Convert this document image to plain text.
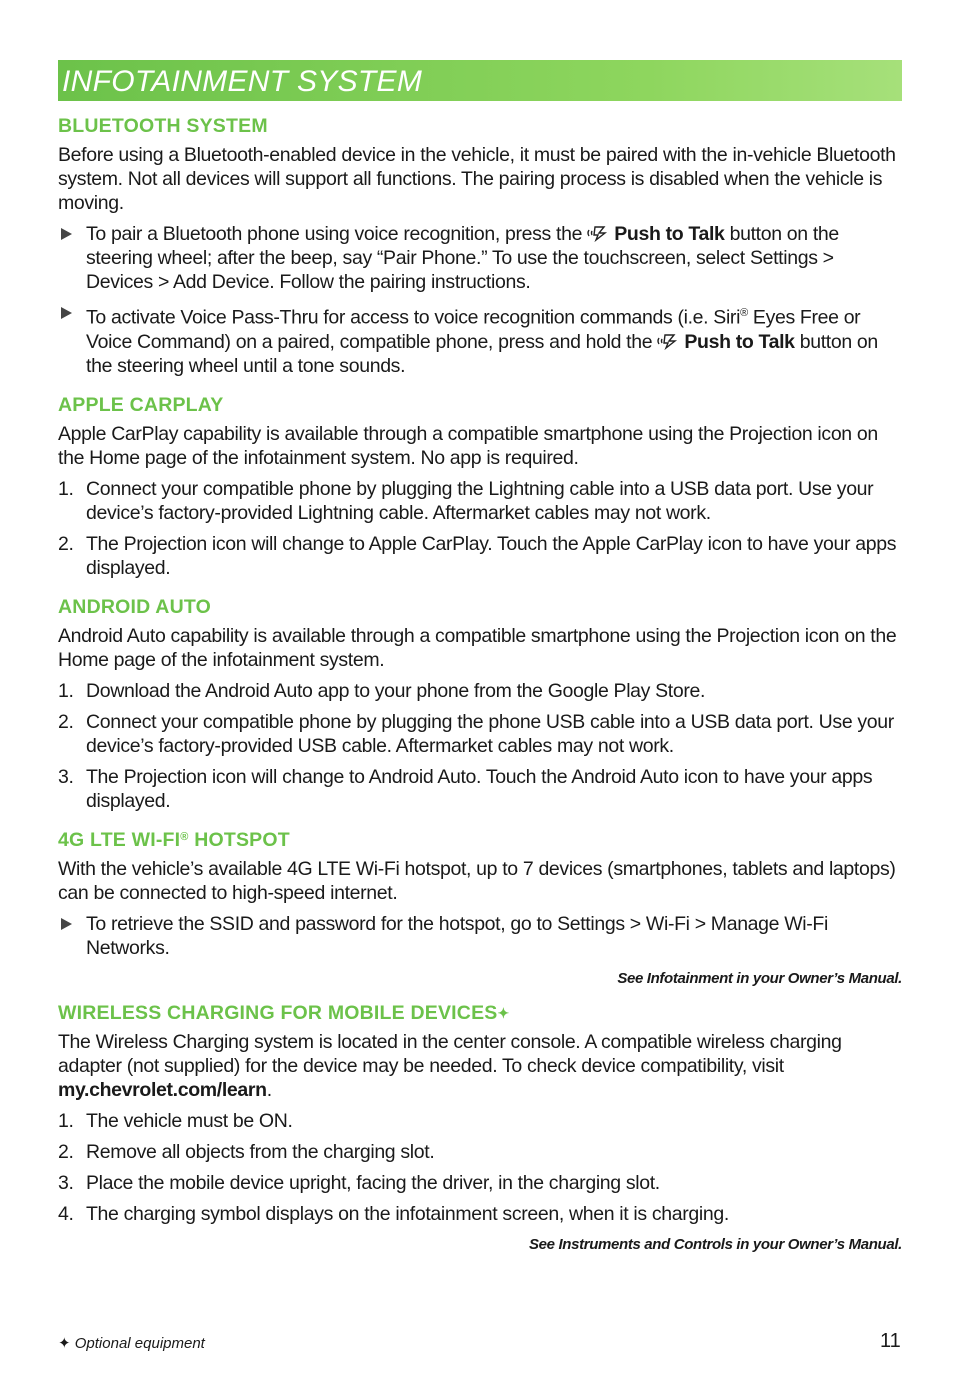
INFOTAINMENT SYSTEM
BLUETOOTH SYSTEM

Before using a Bluetooth-enabled device in the vehicle, it must be paired with the in-vehicle Bluetooth system. Not all devices will support all functions. The pairing process is disabled when the vehicle is moving.

To pair a Bluetooth phone using voice recognition, press the Push to Talk button on the steering wheel; after the beep, say “Pair Phone.” To use the touchscreen, select Settings > Devices > Add Device. Follow the pairing instructions.
To activate Voice Pass-Thru for access to voice recognition commands (i.e. Siri® Eyes Free or Voice Command) on a paired, compatible phone, press and hold the Push to Talk button on the steering wheel until a tone sounds.
APPLE CARPLAY

Apple CarPlay capability is available through a compatible smartphone using the Projection icon on the Home page of the infotainment system. No app is required.

1. Connect your compatible phone by plugging the Lightning cable into a USB data port. Use your device’s factory-provided Lightning cable. Aftermarket cables may not work.
2. The Projection icon will change to Apple CarPlay. Touch the Apple CarPlay icon to have your apps displayed.
ANDROID AUTO

Android Auto capability is available through a compatible smartphone using the Projection icon on the Home page of the infotainment system.

1. Download the Android Auto app to your phone from the Google Play Store.
2. Connect your compatible phone by plugging the phone USB cable into a USB data port. Use your device’s factory-provided USB cable. Aftermarket cables may not work.
3. The Projection icon will change to Android Auto. Touch the Android Auto icon to have your apps displayed.
4G LTE WI-FI® HOTSPOT

With the vehicle’s available 4G LTE Wi-Fi hotspot, up to 7 devices (smartphones, tablets and laptops) can be connected to high-speed internet.

To retrieve the SSID and password for the hotspot, go to Settings > Wi-Fi > Manage Wi-Fi Networks.
See Infotainment in your Owner’s Manual.
WIRELESS CHARGING FOR MOBILE DEVICES✦

The Wireless Charging system is located in the center console. A compatible wireless charging adapter (not supplied) for the device may be needed. To check device compatibility, visit my.chevrolet.com/learn.

1. The vehicle must be ON.
2. Remove all objects from the charging slot.
3. Place the mobile device upright, facing the driver, in the charging slot.
4. The charging symbol displays on the infotainment screen, when it is charging.
See Instruments and Controls in your Owner’s Manual.
✦ Optional equipment	11
